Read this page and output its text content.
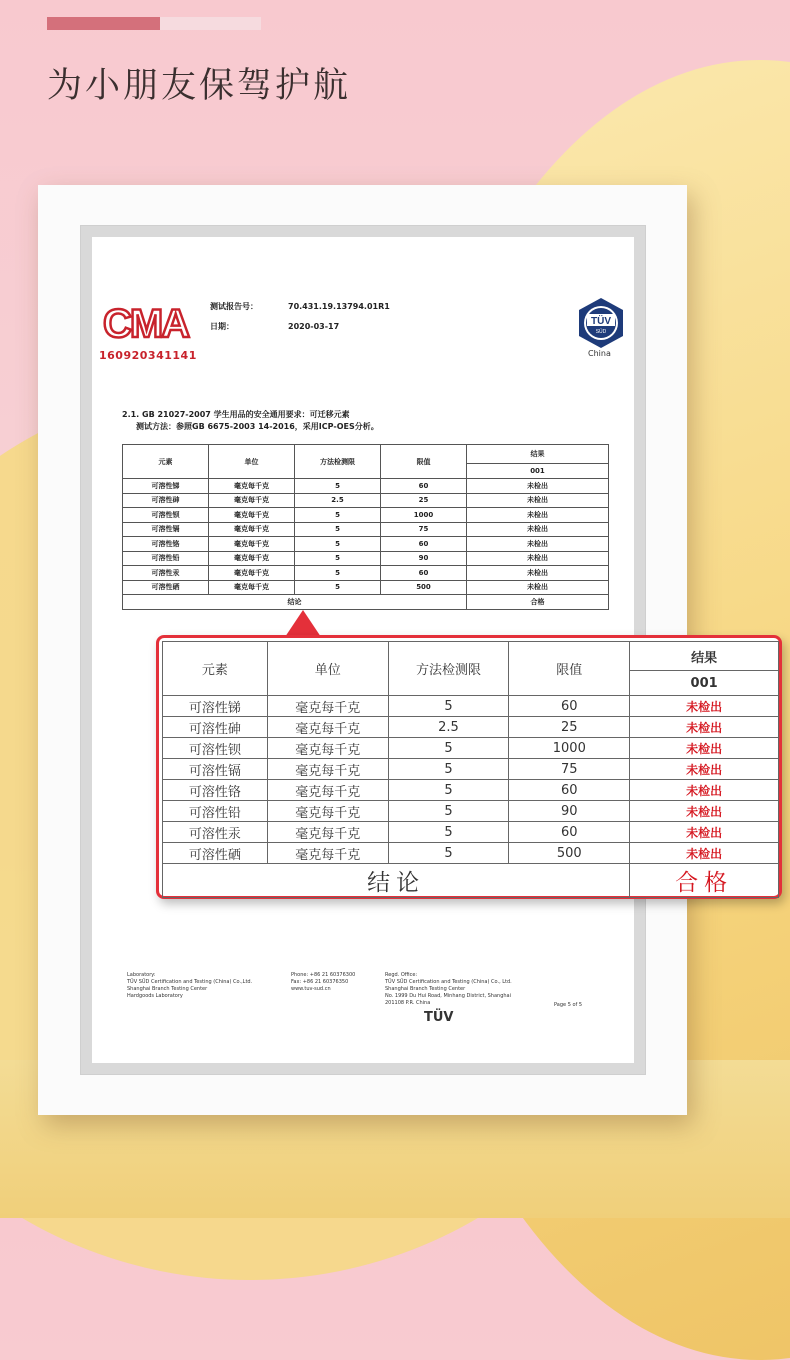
为小朋友保驾护航
CMA
160920341141
测试报告号：	70.431.19.13794.01R1
日期：	2020-03-17	TÜV
SÜD
China
2.1. GB 21027-2007 学生用品的安全通用要求：可迁移元素
测试方法：参照GB 6675-2003 14-2016，采用ICP-OES分析。
元素	单位	方法检测限	限值	结果
				001
可溶性锑	毫克每千克	5	60	未检出
可溶性砷	毫克每千克	2.5	25	未检出
可溶性钡	毫克每千克	5	1000	未检出
可溶性镉	毫克每千克	5	75	未检出
可溶性铬	毫克每千克	5	60	未检出
可溶性铅	毫克每千克	5	90	未检出
可溶性汞	毫克每千克	5	60	未检出
可溶性硒	毫克每千克	5	500	未检出
结论				合格
Laboratory:
TÜV SÜD Certification and Testing (China) Co.,Ltd.
Shanghai Branch Testing Center
Hardgoods Laboratory
Phone: +86 21 60376300
Fax: +86 21 60376350
www.tuv-sud.cn
Regd. Office:
TÜV SÜD Certification and Testing (China) Co., Ltd.
Shanghai Branch Testing Center
No. 1999 Du Hui Road, Minhang District, Shanghai
201108 P.R. China	Page 5 of 5
TÜV
元素	单位	方法检测限	限值	结果
				001
可溶性锑	毫克每千克	5	60	未检出
可溶性砷	毫克每千克	2.5	25	未检出
可溶性钡	毫克每千克	5	1000	未检出
可溶性镉	毫克每千克	5	75	未检出
可溶性铬	毫克每千克	5	60	未检出
可溶性铅	毫克每千克	5	90	未检出
可溶性汞	毫克每千克	5	60	未检出
可溶性硒	毫克每千克	5	500	未检出
结论				合格
